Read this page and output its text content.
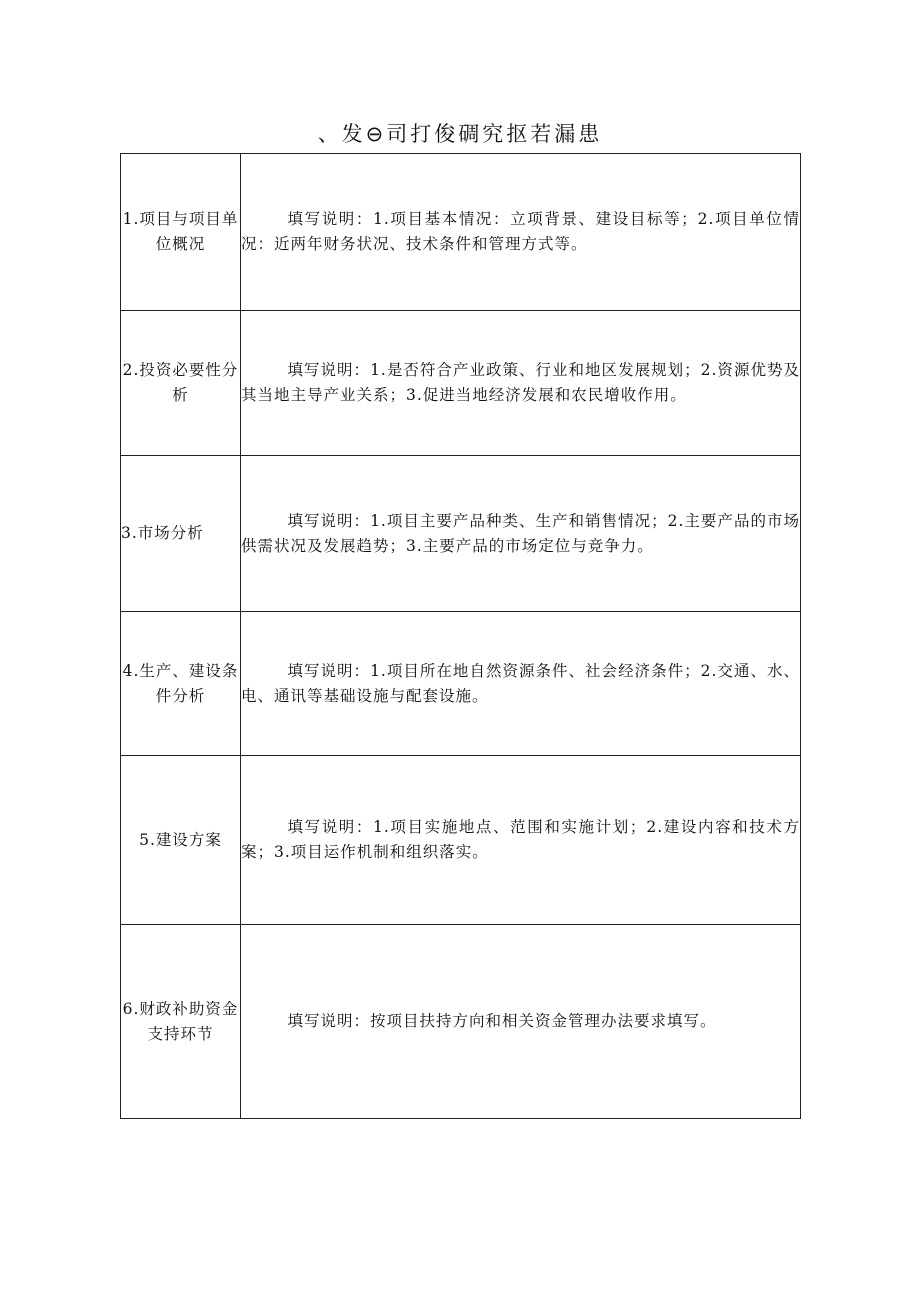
、发⊖司打俊碉究抠若漏患
1.项目与项目单位概况	填写说明：1.项目基本情况：立项背景、建设目标等；2.项目单位情况：近两年财务状况、技术条件和管理方式等。
2.投资必要性分析	填写说明：1.是否符合产业政策、行业和地区发展规划；2.资源优势及其当地主导产业关系；3.促进当地经济发展和农民增收作用。
3.市场分析	填写说明：1.项目主要产品种类、生产和销售情况；2.主要产品的市场供需状况及发展趋势；3.主要产品的市场定位与竞争力。
4.生产、建设条件分析	填写说明：1.项目所在地自然资源条件、社会经济条件；2.交通、水、电、通讯等基础设施与配套设施。
5.建设方案	填写说明：1.项目实施地点、范围和实施计划；2.建设内容和技术方案；3.项目运作机制和组织落实。
6.财政补助资金支持环节	填写说明：按项目扶持方向和相关资金管理办法要求填写。
